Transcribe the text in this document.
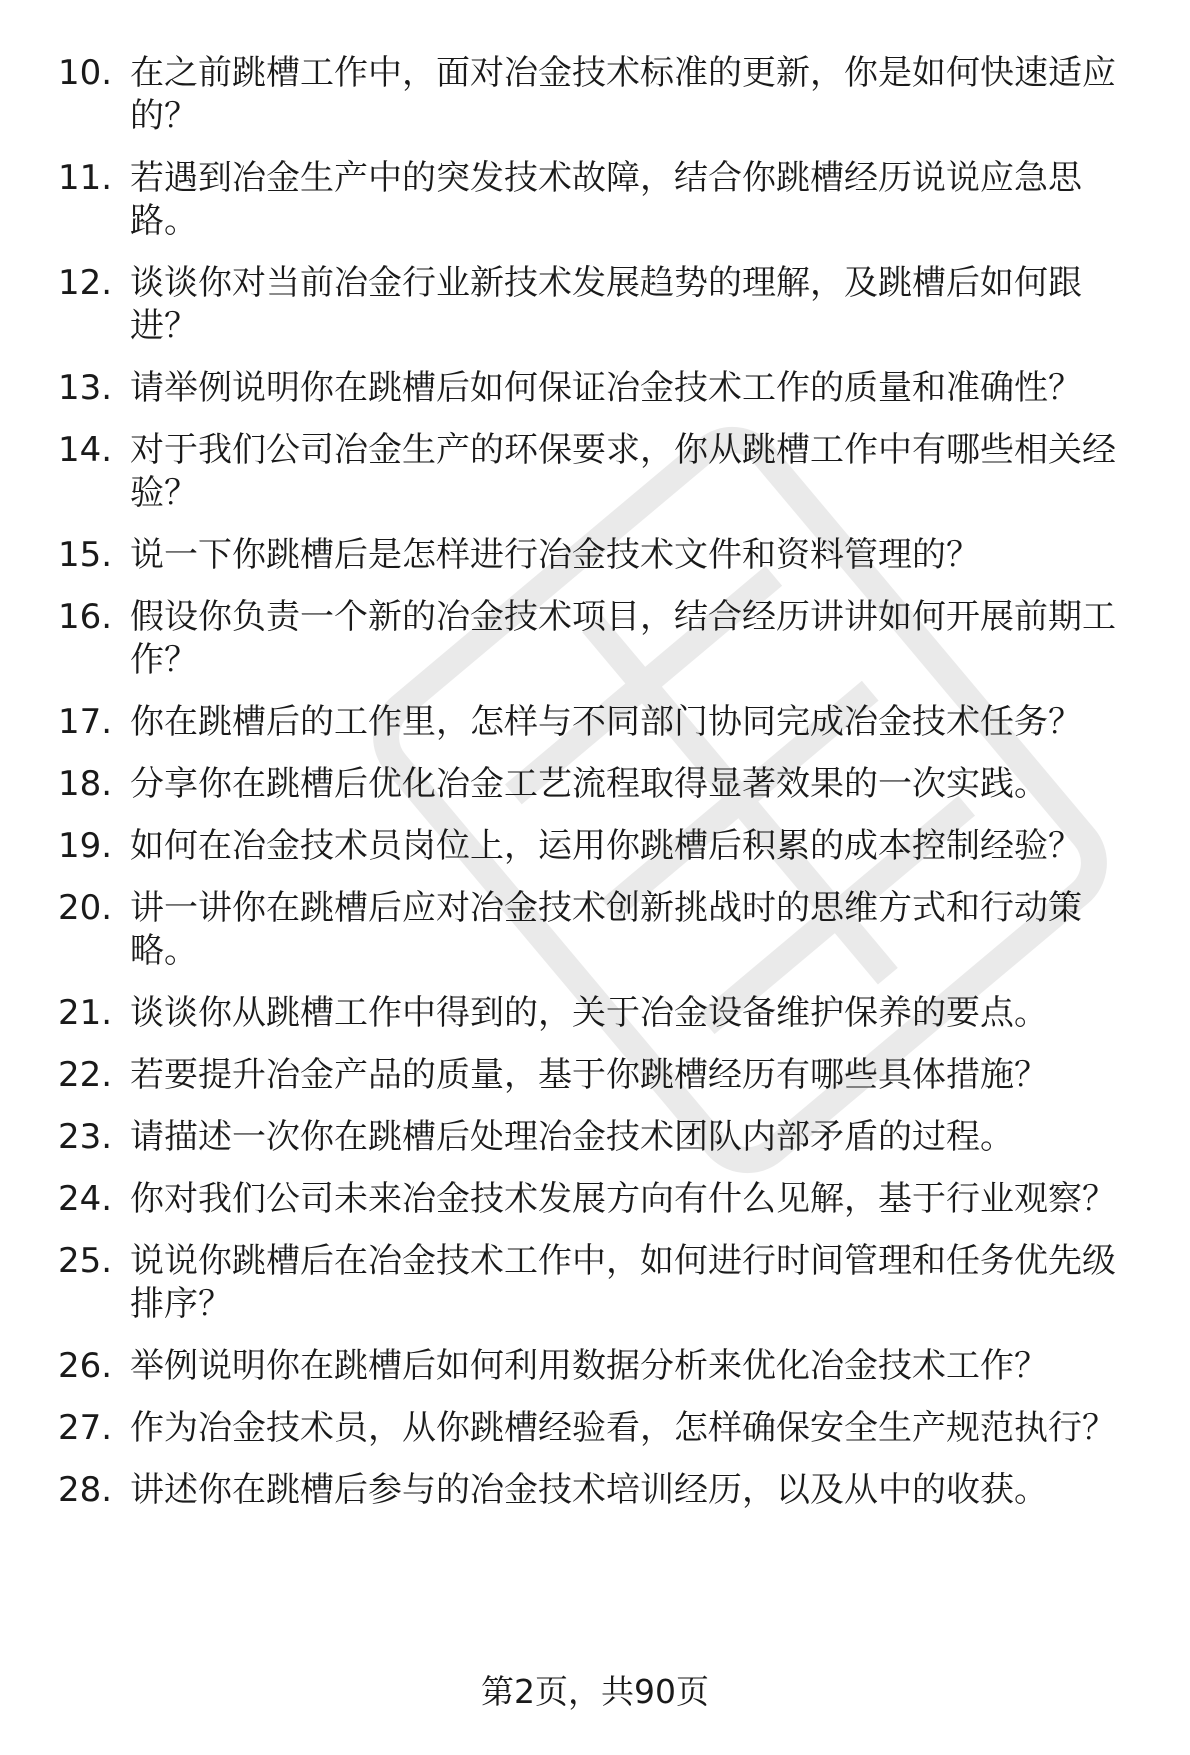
10. 在之前跳槽工作中，面对冶金技术标准的更新，你是如何快速适应的？
11. 若遇到冶金生产中的突发技术故障，结合你跳槽经历说说应急思路。
12. 谈谈你对当前冶金行业新技术发展趋势的理解，及跳槽后如何跟进？
13. 请举例说明你在跳槽后如何保证冶金技术工作的质量和准确性？
14. 对于我们公司冶金生产的环保要求，你从跳槽工作中有哪些相关经验？
15. 说一下你跳槽后是怎样进行冶金技术文件和资料管理的？
16. 假设你负责一个新的冶金技术项目，结合经历讲讲如何开展前期工作？
17. 你在跳槽后的工作里，怎样与不同部门协同完成冶金技术任务？
18. 分享你在跳槽后优化冶金工艺流程取得显著效果的一次实践。
19. 如何在冶金技术员岗位上，运用你跳槽后积累的成本控制经验？
20. 讲一讲你在跳槽后应对冶金技术创新挑战时的思维方式和行动策略。
21. 谈谈你从跳槽工作中得到的，关于冶金设备维护保养的要点。
22. 若要提升冶金产品的质量，基于你跳槽经历有哪些具体措施？
23. 请描述一次你在跳槽后处理冶金技术团队内部矛盾的过程。
24. 你对我们公司未来冶金技术发展方向有什么见解，基于行业观察？
25. 说说你跳槽后在冶金技术工作中，如何进行时间管理和任务优先级排序？
26. 举例说明你在跳槽后如何利用数据分析来优化冶金技术工作？
27. 作为冶金技术员，从你跳槽经验看，怎样确保安全生产规范执行？
28. 讲述你在跳槽后参与的冶金技术培训经历，以及从中的收获。
第2页，共90页
